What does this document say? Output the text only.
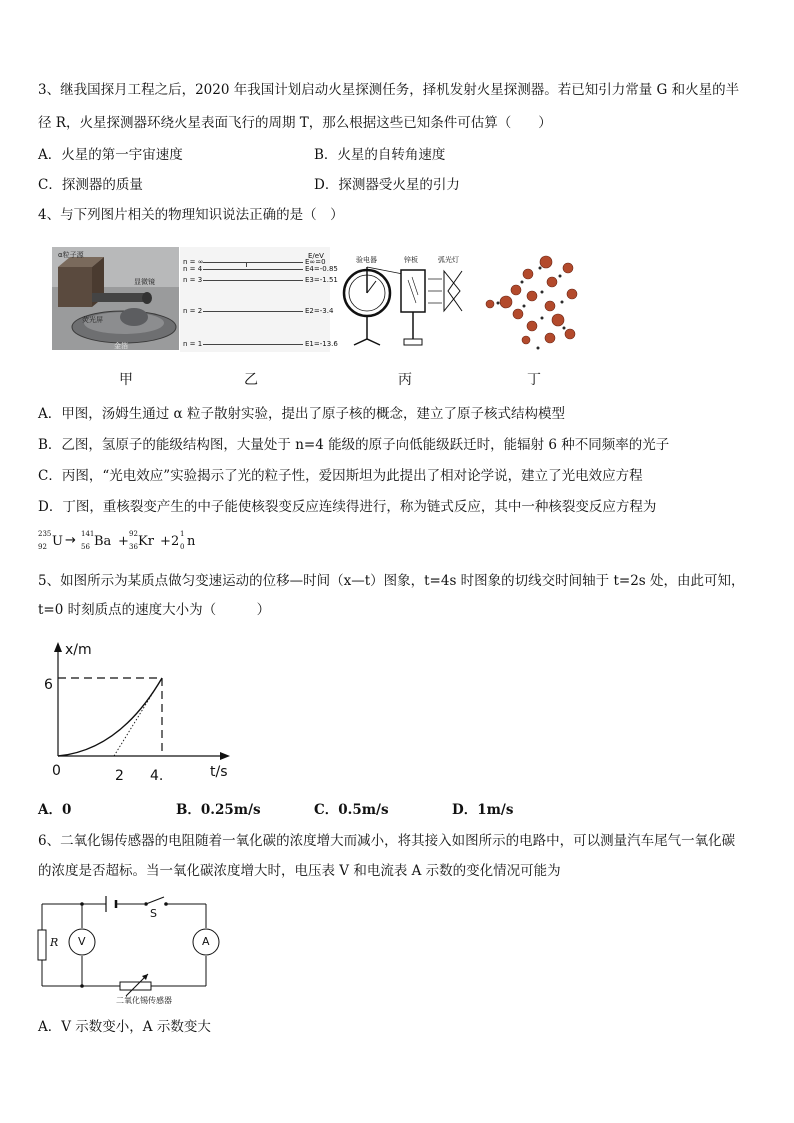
3、继我国探月工程之后，2020 年我国计划启动火星探测任务，择机发射火星探测器。若已知引力常量 G 和火星的半
径 R，火星探测器环绕火星表面飞行的周期 T，那么根据这些已知条件可估算（　　）
A．火星的第一宇宙速度	B．火星的自转角速度
C．探测器的质量	D．探测器受火星的引力
4、与下列图片相关的物理知识说法正确的是（　）
金箔
荧光屏
α粒子源
显微镜
E/eV
n = ∞	E∞=0
n = 4	E4=-0.85
n = 3	E3=-1.51
n = 2	E2=-3.4
n = 1	E1=-13.6
验电器	锌板	弧光灯
甲	乙	丙	丁
A．甲图，汤姆生通过 α 粒子散射实验，提出了原子核的概念，建立了原子核式结构模型
B．乙图，氢原子的能级结构图，大量处于 n=4 能级的原子向低能级跃迁时，能辐射 6 种不同频率的光子
C．丙图，“光电效应”实验揭示了光的粒子性，爱因斯坦为此提出了相对论学说，建立了光电效应方程
D．丁图，重核裂变产生的中子能使核裂变反应连续得进行，称为链式反应，其中一种核裂变反应方程为
235
92 U → 141
56 Ba + 92
36 Kr + 2 1
0 n
5、如图所示为某质点做匀变速运动的位移—时间（x—t）图象，t=4s 时图象的切线交时间轴于 t=2s 处，由此可知，
t=0 时刻质点的速度大小为（　　　）
x/m
6
0	2 4.	t/s
A．0	B．0.25m/s	C．0.5m/s	D．1m/s
6、二氧化锡传感器的电阻随着一氧化碳的浓度增大而减小，将其接入如图所示的电路中，可以测量汽车尾气一氧化碳
的浓度是否超标。当一氧化碳浓度增大时，电压表 V 和电流表 A 示数的变化情况可能为
R V	A
S
二氧化锡传感器
A．V 示数变小，A 示数变大
